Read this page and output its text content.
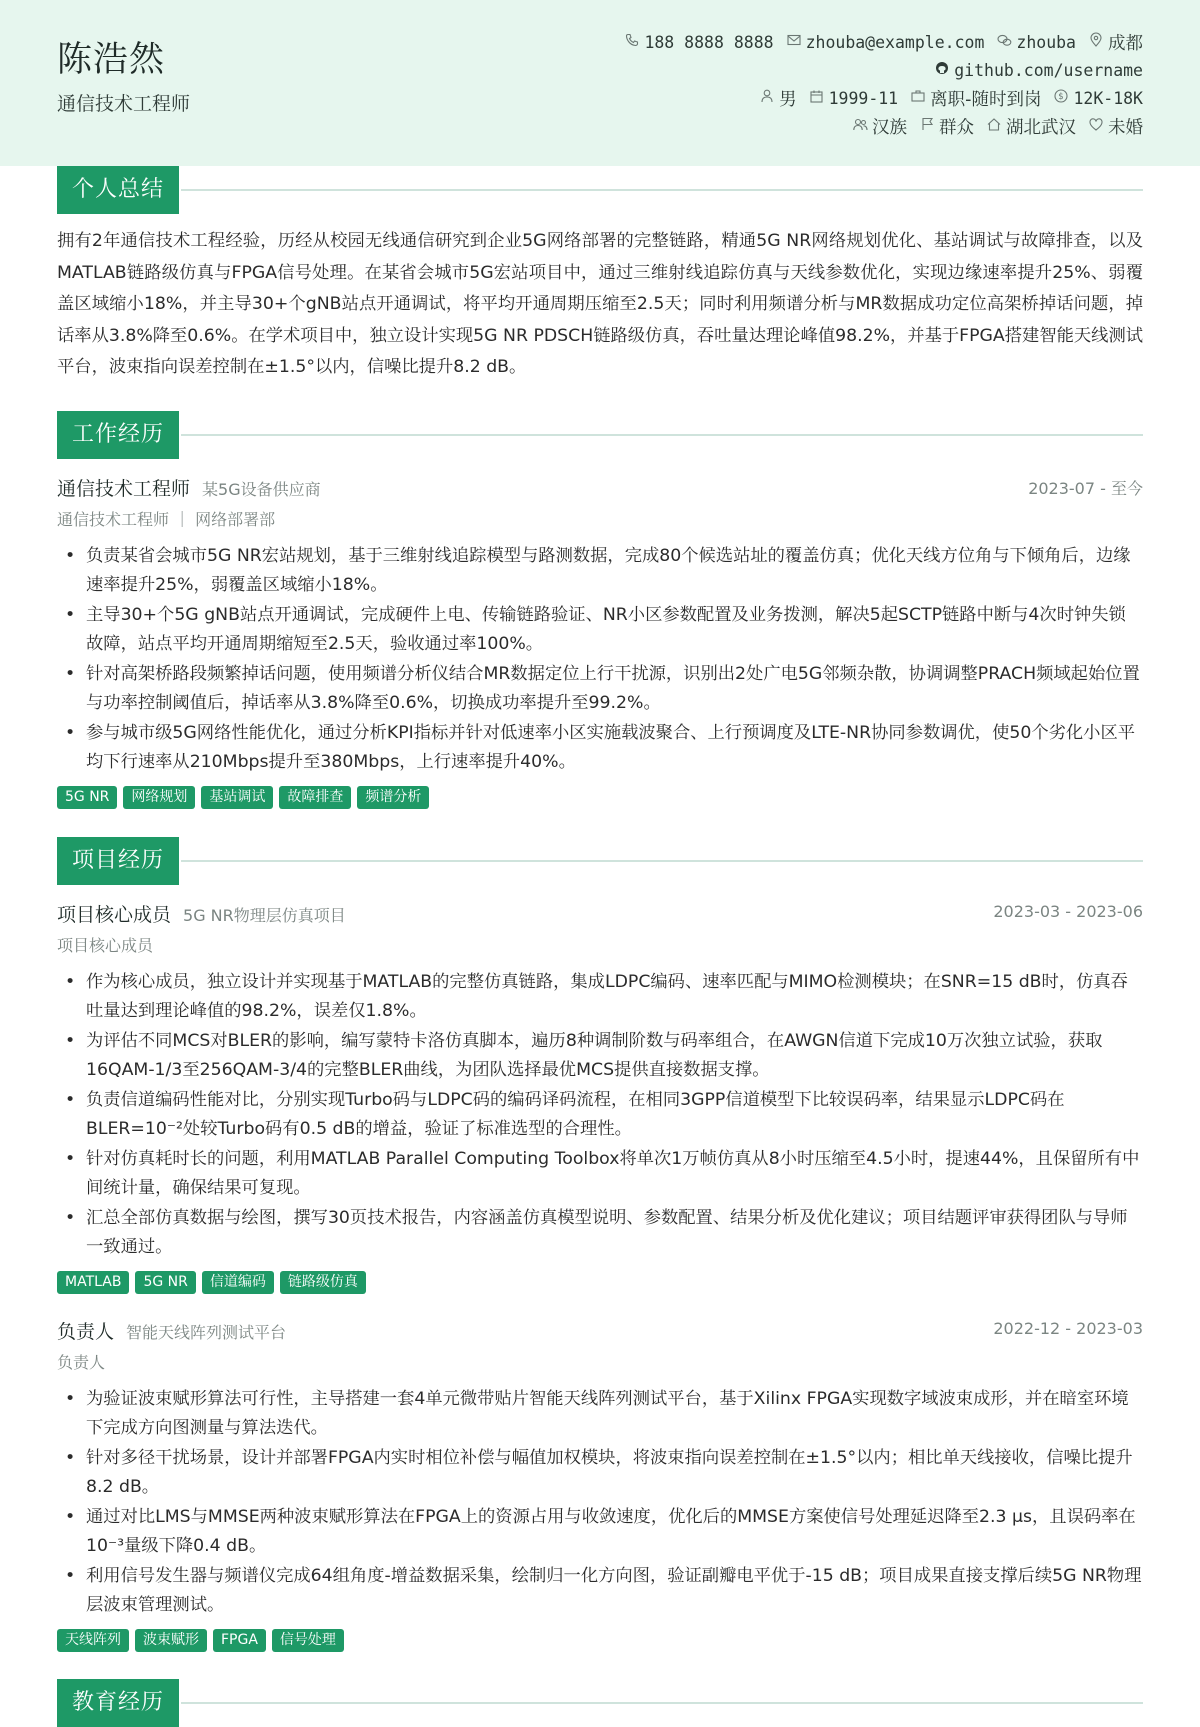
陈浩然
通信技术工程师
188 8888 8888 zhouba@example.com zhouba 成都
github.com/username
男 1999-11 离职-随时到岗 $ 12K-18K
汉族 群众 湖北武汉 未婚
个人总结
拥有2年通信技术工程经验，历经从校园无线通信研究到企业5G网络部署的完整链路，精通5G NR网络规划优化、基站调试与故障排查，以及MATLAB链路级仿真与FPGA信号处理。在某省会城市5G宏站项目中，通过三维射线追踪仿真与天线参数优化，实现边缘速率提升25%、弱覆盖区域缩小18%，并主导30+个gNB站点开通调试，将平均开通周期压缩至2.5天；同时利用频谱分析与MR数据成功定位高架桥掉话问题，掉话率从3.8%降至0.6%。在学术项目中，独立设计实现5G NR PDSCH链路级仿真，吞吐量达理论峰值98.2%，并基于FPGA搭建智能天线测试平台，波束指向误差控制在±1.5°以内，信噪比提升8.2 dB。
工作经历
通信技术工程师 某5G设备供应商	2023-07 - 至今
通信技术工程师 ｜ 网络部署部
• 负责某省会城市5G NR宏站规划，基于三维射线追踪模型与路测数据，完成80个候选站址的覆盖仿真；优化天线方位角与下倾角后，边缘速率提升25%，弱覆盖区域缩小18%。
• 主导30+个5G gNB站点开通调试，完成硬件上电、传输链路验证、NR小区参数配置及业务拨测，解决5起SCTP链路中断与4次时钟失锁故障，站点平均开通周期缩短至2.5天，验收通过率100%。
• 针对高架桥路段频繁掉话问题，使用频谱分析仪结合MR数据定位上行干扰源，识别出2处广电5G邻频杂散，协调调整PRACH频域起始位置与功率控制阈值后，掉话率从3.8%降至0.6%，切换成功率提升至99.2%。
• 参与城市级5G网络性能优化，通过分析KPI指标并针对低速率小区实施载波聚合、上行预调度及LTE-NR协同参数调优，使50个劣化小区平均下行速率从210Mbps提升至380Mbps，上行速率提升40%。
5G NR	网络规划	基站调试	故障排查	频谱分析
项目经历
项目核心成员 5G NR物理层仿真项目	2023-03 - 2023-06
项目核心成员
• 作为核心成员，独立设计并实现基于MATLAB的完整仿真链路，集成LDPC编码、速率匹配与MIMO检测模块；在SNR=15 dB时，仿真吞吐量达到理论峰值的98.2%，误差仅1.8%。
• 为评估不同MCS对BLER的影响，编写蒙特卡洛仿真脚本，遍历8种调制阶数与码率组合，在AWGN信道下完成10万次独立试验，获取16QAM-1/3至256QAM-3/4的完整BLER曲线，为团队选择最优MCS提供直接数据支撑。
• 负责信道编码性能对比，分别实现Turbo码与LDPC码的编码译码流程，在相同3GPP信道模型下比较误码率，结果显示LDPC码在BLER=10⁻²处较Turbo码有0.5 dB的增益，验证了标准选型的合理性。
• 针对仿真耗时长的问题，利用MATLAB Parallel Computing Toolbox将单次1万帧仿真从8小时压缩至4.5小时，提速44%，且保留所有中间统计量，确保结果可复现。
• 汇总全部仿真数据与绘图，撰写30页技术报告，内容涵盖仿真模型说明、参数配置、结果分析及优化建议；项目结题评审获得团队与导师一致通过。
MATLAB	5G NR	信道编码	链路级仿真
负责人 智能天线阵列测试平台	2022-12 - 2023-03
负责人
• 为验证波束赋形算法可行性，主导搭建一套4单元微带贴片智能天线阵列测试平台，基于Xilinx FPGA实现数字域波束成形，并在暗室环境下完成方向图测量与算法迭代。
• 针对多径干扰场景，设计并部署FPGA内实时相位补偿与幅值加权模块，将波束指向误差控制在±1.5°以内；相比单天线接收，信噪比提升8.2 dB。
• 通过对比LMS与MMSE两种波束赋形算法在FPGA上的资源占用与收敛速度，优化后的MMSE方案使信号处理延迟降至2.3 μs，且误码率在10⁻³量级下降0.4 dB。
• 利用信号发生器与频谱仪完成64组角度-增益数据采集，绘制归一化方向图，验证副瓣电平优于-15 dB；项目成果直接支撑后续5G NR物理层波束管理测试。
天线阵列	波束赋形	FPGA	信号处理
教育经历
